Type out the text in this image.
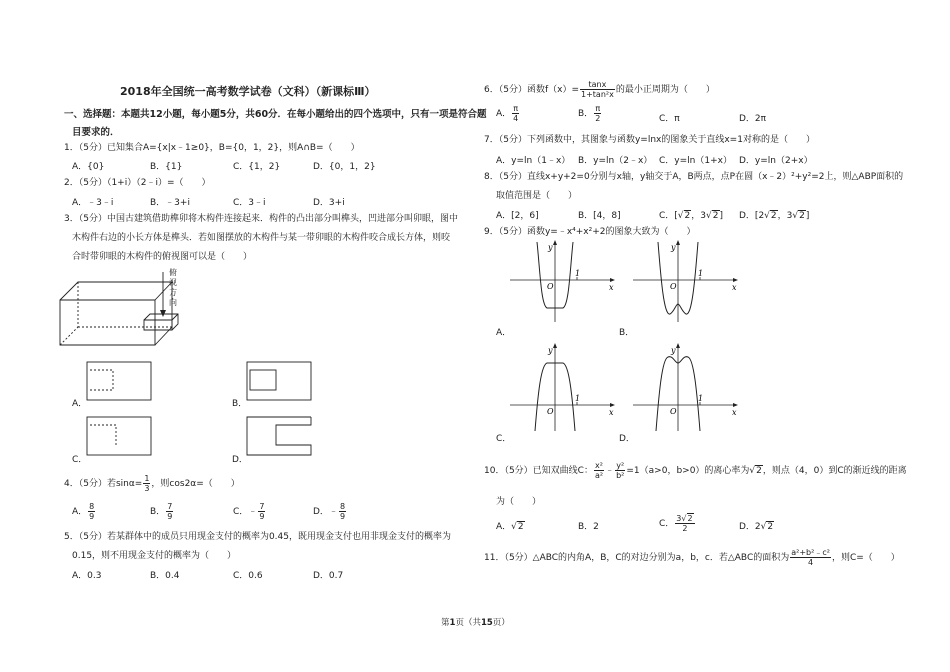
2018年全国统一高考数学试卷（文科）（新课标Ⅲ）
一、选择题：本题共12小题，每小题5分，共60分．在每小题给出的四个选项中，只有一项是符合题
目要求的．
1．（5分）已知集合A={x|x﹣1≥0}，B={0，1，2}，则A∩B=（　　）
A．{0}	B．{1}	C．{1，2}	D．{0，1，2}
2．（5分）（1+i）（2﹣i）=（　　）
A．﹣3﹣i	B．﹣3+i	C．3﹣i	D．3+i
3．（5分）中国古建筑借助榫卯将木构件连接起来．构件的凸出部分叫榫头，凹进部分叫卯眼，图中
木构件右边的小长方体是榫头．若如图摆放的木构件与某一带卯眼的木构件咬合成长方体，则咬
合时带卯眼的木构件的俯视图可以是（　　）
俯
视
方
向
A．	B．
C．	D．
4．（5分）若$\sin\alpha= \frac{1}{3}$ ，则cos2α=（　　）
A． $\frac{8}{9}$	B． $\frac{7}{9}$	C．﹣ $\frac{7}{9}$	D．﹣ $\frac{8}{9}$
5．（5分）若某群体中的成员只用现金支付的概率为0.45，既用现金支付也用非现金支付的概率为
0.15，则不用现金支付的概率为（　　）
A．0.3	B．0.4	C．0.6	D．0.7
6．（5分）函数$f(x)= \frac{\tan x}{\text{1+tan²x}}$ 的最小正周期为（　　）
A． $\frac{\pi}{4}$	B． $\frac{\pi}{2}$	C．π	D．2π
7．（5分）下列函数中，其图象与函数y=lnx的图象关于直线x=1对称的是（　　）
A．y=ln（1﹣x） B．y=ln（2﹣x） C．y=ln（1+x） D．y=ln（2+x）
8．（5分）直线x+y+2=0分别与x轴，y轴交于A，B两点，点P在圆（x﹣2）²+y²=2上，则△ABP面积的
取值范围是（　　）
A．[2，6]	B．[4，8]	C．[√2，3√2] D．[2√2，3√2]
9．（5分）函数y=﹣x⁴+x²+2的图象大致为（　　）
y
x
O
1
A．
y
x
O
1
B．
y
x
O
1
C．
y
x
O
1
D．
10．（5分）已知双曲线C： $\frac{\text{x²}}{\text{a²}}$ ﹣ $\frac{\text{y²}}{\text{b²}} =1(a>0$，b>0）的离心率为√2，则点（4，0）到C的渐近线的距离
为（　　）
A．√2	B．2	C． $\frac{3√2}{2}$	D．2√2
11．（5分）△ABC的内角A，B，C的对边分别为a，b，c．若△ABC的面积为 $\frac{\text{a²+b²﹣c²}}{4}$ ，则C=（　　）
第1页（共15页）
